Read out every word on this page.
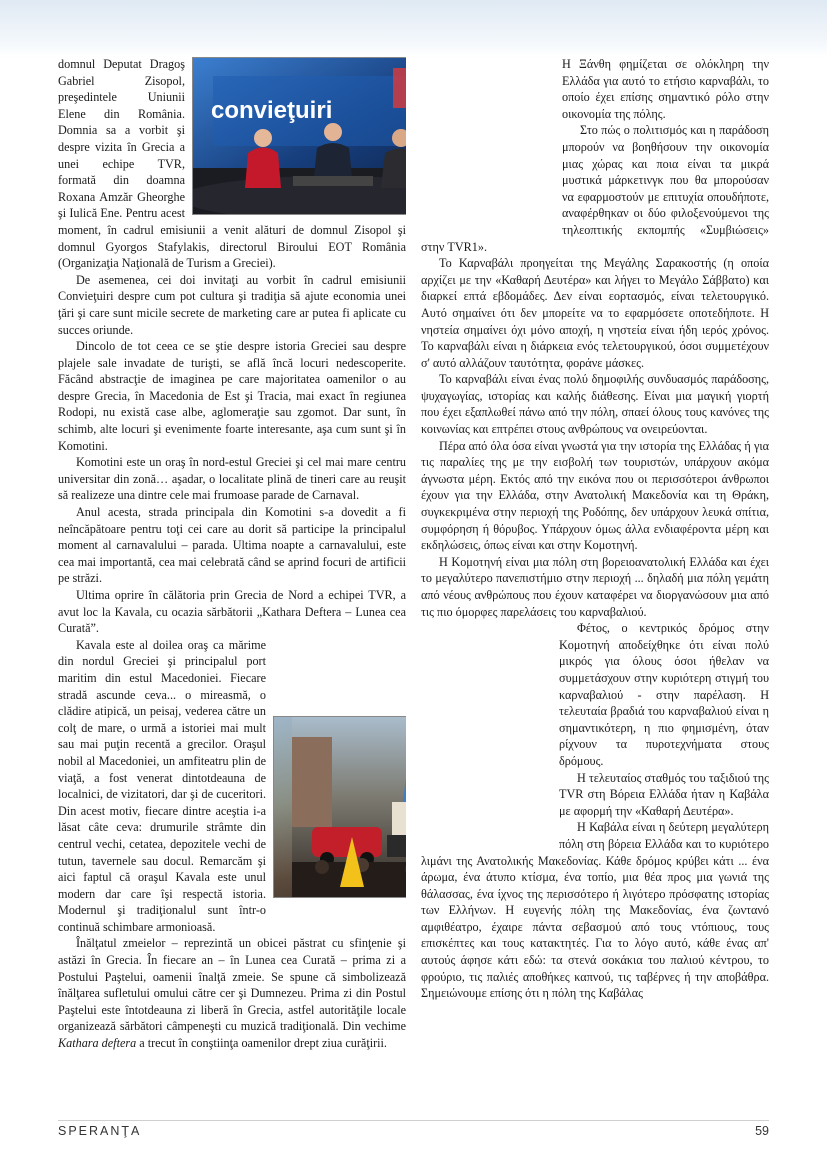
convieţuiri
domnul Deputat Dragoş Gabriel Zisopol, preşedintele Uniunii Elene din România. Domnia sa a vorbit şi despre vizita în Grecia a unei echipe TVR, formată din doamna Roxana Amzăr Gheorghe şi Iulică Ene. Pentru acest moment, în cadrul emisiunii a venit alături de domnul Zisopol şi domnul Gyorgos Stafylakis, directorul Biroului EOT România (Organizaţia Naţională de Turism a Greciei).

De asemenea, cei doi invitaţi au vorbit în cadrul emisiunii Convieţuiri despre cum pot cultura şi tradiţia să ajute economia unei ţări şi care sunt micile secrete de marketing care ar putea fi aplicate cu succes oriunde.

Dincolo de tot ceea ce se ştie despre istoria Greciei sau despre plajele sale invadate de turişti, se află încă locuri nedescoperite. Făcând abstracţie de imaginea pe care majoritatea oamenilor o au despre Grecia, în Macedonia de Est şi Tracia, mai exact în regiunea Rodopi, nu există case albe, aglomeraţie sau zgomot. Dar sunt, în schimb, alte locuri şi evenimente foarte interesante, aşa cum sunt şi în Komotini.

Komotini este un oraş în nord-estul Greciei şi cel mai mare centru universitar din zonă… aşadar, o localitate plină de tineri care au reuşit să realizeze una dintre cele mai frumoase parade de Carnaval.

Anul acesta, strada principala din Komotini s-a dovedit a fi neîncăpătoare pentru toţi cei care au dorit să participe la principalul moment al carnavalului – parada. Ultima noapte a carnavalului, este cea mai importantă, cea mai celebrată când se aprind focuri de artificii pe străzi.

Ultima oprire în călătoria prin Grecia de Nord a echipei TVR, a avut loc la Kavala, cu ocazia sărbătorii „Kathara Deftera – Lunea cea Curată”.

Kavala este al doilea oraş ca mărime din nordul Greciei şi principalul port maritim din estul Macedoniei. Fiecare stradă ascunde ceva... o mireasmă, o clădire atipică, un peisaj, vederea către un colţ de mare, o urmă a istoriei mai mult sau mai puţin recentă a grecilor. Oraşul nobil al Macedoniei, un amfiteatru plin de viaţă, a fost venerat dintotdeauna de localnici, de vizitatori, dar şi de cuceritori. Din acest motiv, fiecare dintre aceştia i-a lăsat câte ceva: drumurile strâmte din centrul vechi, cetatea, depozitele vechi de tutun, tavernele sau docul. Remarcăm şi aici faptul că oraşul Kavala este unul modern dar care îşi respectă istoria. Modernul şi tradiţionalul sunt într-o continuă schimbare armonioasă.

Înălţatul zmeielor – reprezintă un obicei păstrat cu sfinţenie şi astăzi în Grecia. În fiecare an – în Lunea cea Curată – prima zi a Postului Paştelui, oamenii înalţă zmeie. Se spune că simbolizează înălţarea sufletului omului către cer şi Dumnezeu. Prima zi din Postul Paştelui este întotdeauna zi liberă în Grecia, astfel autorităţile locale organizează sărbători câmpeneşti cu muzică tradiţională. Din vechime Kathara deftera a trecut în conştiinţa oamenilor drept ziua curăţirii.

Η Ξάνθη φημίζεται σε ολόκληρη την Ελλάδα για αυτό το ετήσιο καρναβάλι, το οποίο έχει επίσης σημαντικό ρόλο στην οικονομία της πόλης.

Στο πώς ο πολιτισμός και η παράδοση μπορούν να βοηθήσουν την οικονομία μιας χώρας και ποια είναι τα μικρά μυστικά μάρκετινγκ που θα μπορούσαν να εφαρμοστούν με επιτυχία οπουδήποτε, αναφέρθηκαν οι δύο φιλοξενούμενοι της τηλεοπτικής εκπομπής «Συμβιώσεις» στην TVR1».

Το Καρναβάλι προηγείται της Μεγάλης Σαρακοστής (η οποία αρχίζει με την «Καθαρή Δευτέρα» και λήγει το Μεγάλο Σάββατο) και διαρκεί επτά εβδομάδες. Δεν είναι εορτασμός, είναι τελετουργικό. Αυτό σημαίνει ότι δεν μπορείτε να το εφαρμόσετε οποτεδήποτε. Η νηστεία σημαίνει όχι μόνο αποχή, η νηστεία είναι ήδη ιερός χρόνος. Το καρναβάλι είναι η διάρκεια ενός τελετουργικού, όσοι συμμετέχουν σ' αυτό αλλάζουν ταυτότητα, φοράνε μάσκες.

Το καρναβάλι είναι ένας πολύ δημοφιλής συνδυασμός παράδοσης, ψυχαγωγίας, ιστορίας και καλής διάθεσης. Είναι μια μαγική γιορτή που έχει εξαπλωθεί πάνω από την πόλη, σπαεί όλους τους κανόνες της κοινωνίας και επτρέπει στους ανθρώπους να ονειρεύονται.

Πέρα από όλα όσα είναι γνωστά για την ιστορία της Ελλάδας ή για τις παραλίες της με την εισβολή των τουριστών, υπάρχουν ακόμα άγνωστα μέρη. Εκτός από την εικόνα που οι περισσότεροι άνθρωποι έχουν για την Ελλάδα, στην Ανατολική Μακεδονία και τη Θράκη, συγκεκριμένα στην περιοχή της Ροδόπης, δεν υπάρχουν λευκά σπίτια, συμφόρηση ή θόρυβος. Υπάρχουν όμως άλλα ενδιαφέροντα μέρη και εκδηλώσεις, όπως είναι και στην Κομοτηνή.

Η Κομοτηνή είναι μια πόλη στη βορειοανατολική Ελλάδα και έχει το μεγαλύτερο πανεπιστήμιο στην περιοχή ... δηλαδή μια πόλη γεμάτη από νέους ανθρώπους που έχουν καταφέρει να διοργανώσουν μια από τις πιο όμορφες παρελάσεις του καρναβαλιού.

Φέτος, ο κεντρικός δρόμος στην Κομοτηνή αποδείχθηκε ότι είναι πολύ μικρός για όλους όσοι ήθελαν να συμμετάσχουν στην κυριότερη στιγμή του καρναβαλιού - στην παρέλαση. Η τελευταία βραδιά του καρναβαλιού είναι η σημαντικότερη, η πιο φημισμένη, όταν ρίχνουν τα πυροτεχνήματα στους δρόμους.

Η τελευταίος σταθμός του ταξιδιού της TVR στη Βόρεια Ελλάδα ήταν η Καβάλα με αφορμή την «Καθαρή Δευτέρα».

Η Καβάλα είναι η δεύτερη μεγαλύτερη πόλη στη βόρεια Ελλάδα και το κυριότερο λιμάνι της Ανατολικής Μακεδονίας. Κάθε δρόμος κρύβει κάτι ... ένα άρωμα, ένα άτυπο κτίσμα, ένα τοπίο, μια θέα προς μια γωνιά της θάλασσας, ένα ίχνος της περισσότερο ή λιγότερο πρόσφατης ιστορίας των Ελλήνων. Η ευγενής πόλη της Μακεδονίας, ένα ζωντανό αμφιθέατρο, έχαιρε πάντα σεβασμού από τους ντόπιους, τους επισκέπτες και τους κατακτητές. Για το λόγο αυτό, κάθε ένας απ' αυτούς άφησε κάτι εδώ: τα στενά σοκάκια του παλιού κέντρου, το φρούριο, τις παλιές αποθήκες καπνού, τις ταβέρνες ή την αποβάθρα. Σημειώνουμε επίσης ότι η πόλη της Καβάλας

SPERANŢA	59
